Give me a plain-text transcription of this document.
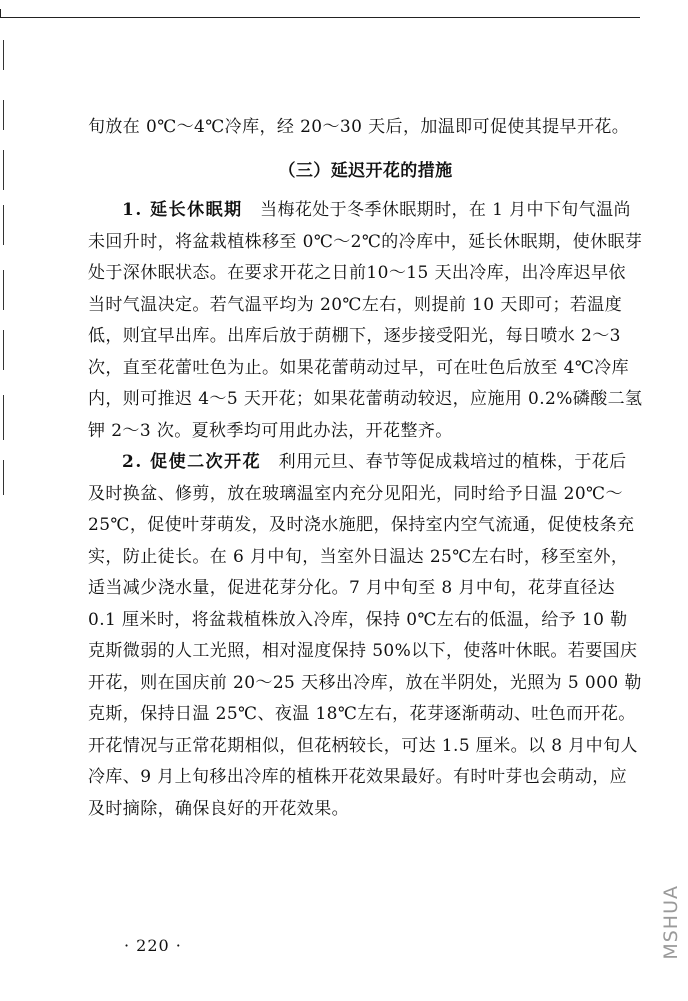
旬放在 0℃～4℃冷库，经 20～30 天后，加温即可促使其提早开花。

（三）延迟开花的措施

1. 延长休眠期　 当梅花处于冬季休眠期时，在 1 月中下旬气温尚未回升时，将盆栽植株移至 0℃～2℃的冷库中，延长休眠期，使休眠芽处于深休眠状态。在要求开花之日前10～15 天出冷库，出冷库迟早依当时气温决定。若气温平均为 20℃左右，则提前 10 天即可；若温度低，则宜早出库。出库后放于荫棚下，逐步接受阳光，每日喷水 2～3 次，直至花蕾吐色为止。如果花蕾萌动过早，可在吐色后放至 4℃冷库内，则可推迟 4～5 天开花；如果花蕾萌动较迟，应施用 0.2%磷酸二氢钾 2～3 次。夏秋季均可用此办法，开花整齐。

2. 促使二次开花　 利用元旦、春节等促成栽培过的植株，于花后及时换盆、修剪，放在玻璃温室内充分见阳光，同时给予日温 20℃～25℃，促使叶芽萌发，及时浇水施肥，保持室内空气流通，促使枝条充实，防止徒长。在 6 月中旬，当室外日温达 25℃左右时，移至室外，适当减少浇水量，促进花芽分化。7 月中旬至 8 月中旬，花芽直径达 0.1 厘米时，将盆栽植株放入冷库，保持 0℃左右的低温，给予 10 勒克斯微弱的人工光照，相对湿度保持 50%以下，使落叶休眠。若要国庆开花，则在国庆前 20～25 天移出冷库，放在半阴处，光照为 5 000 勒克斯，保持日温 25℃、夜温 18℃左右，花芽逐渐萌动、吐色而开花。开花情况与正常花期相似，但花柄较长，可达 1.5 厘米。以 8 月中旬人冷库、9 月上旬移出冷库的植株开花效果最好。有时叶芽也会萌动，应及时摘除，确保良好的开花效果。

· 220 ·	MSHUA
